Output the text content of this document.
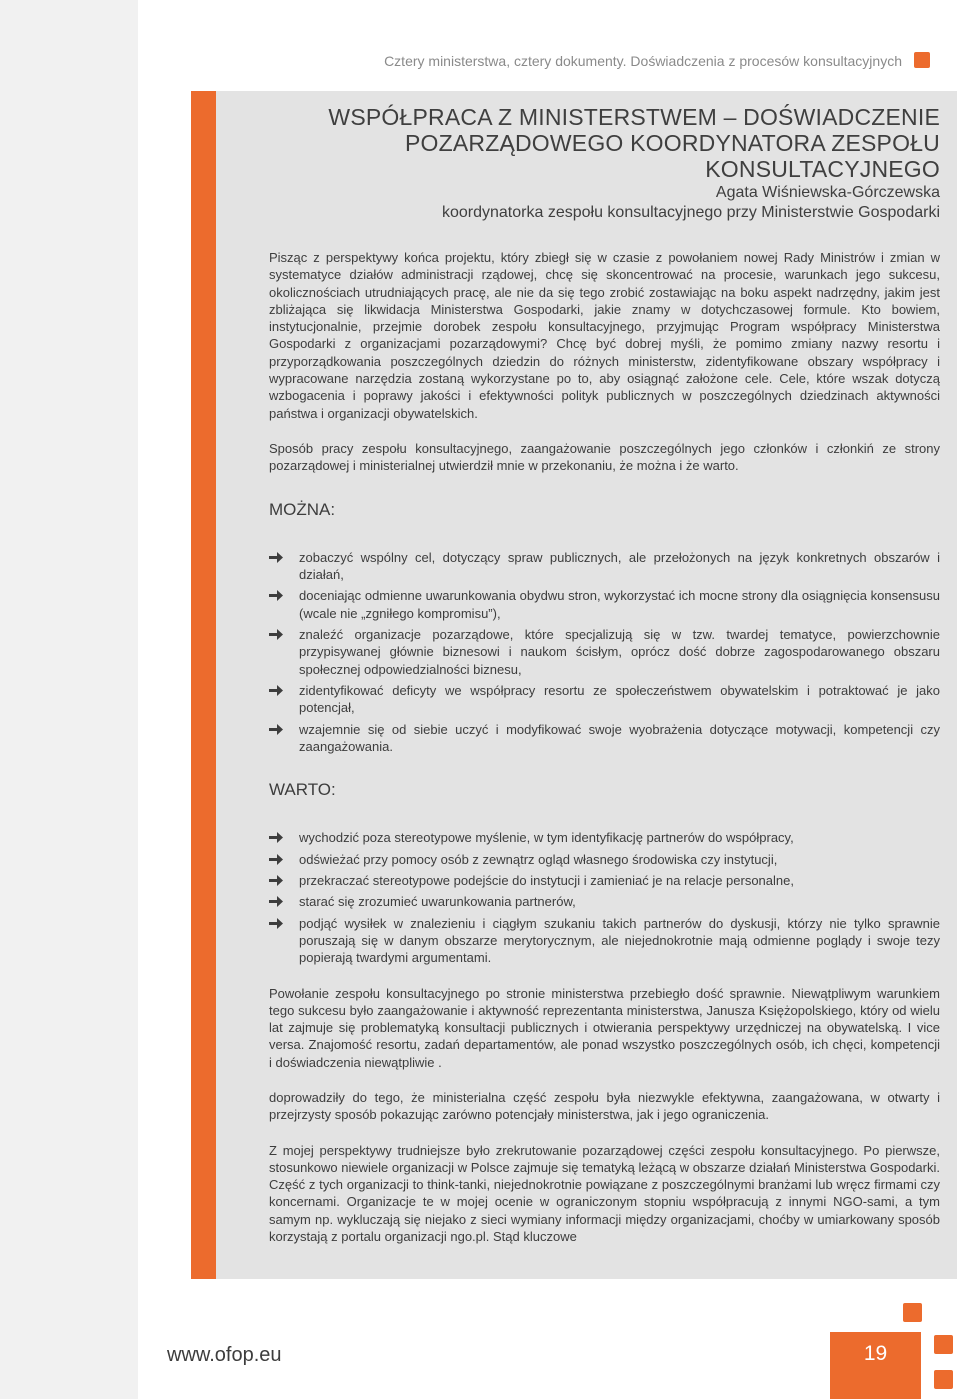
Cztery ministerstwa, cztery dokumenty. Doświadczenia z procesów konsultacyjnych
WSPÓŁPRACA Z MINISTERSTWEM – DOŚWIADCZENIE
POZARZĄDOWEGO KOORDYNATORA ZESPOŁU
KONSULTACYJNEGO
Agata Wiśniewska-Górczewska
koordynatorka zespołu konsultacyjnego przy Ministerstwie Gospodarki

Pisząc z perspektywy końca projektu, który zbiegł się w czasie z powołaniem nowej Rady Ministrów i zmian w systematyce działów administracji rządowej, chcę się skoncentrować na procesie, warunkach jego sukcesu, okolicznościach utrudniających pracę, ale nie da się tego zrobić zostawiając na boku aspekt nadrzędny, jakim jest zbliżająca się likwidacja Ministerstwa Gospodarki, jakie znamy w dotychczasowej formule. Kto bowiem, instytucjonalnie, przejmie dorobek zespołu konsultacyjnego, przyjmując Program współpracy Ministerstwa Gospodarki z organizacjami pozarządowymi? Chcę być dobrej myśli, że pomimo zmiany nazwy resortu i przyporządkowania poszczególnych dziedzin do różnych ministerstw, zidentyfikowane obszary współpracy i wypracowane narzędzia zostaną wykorzystane po to, aby osiągnąć założone cele. Cele, które wszak dotyczą wzbogacenia i poprawy jakości i efektywności polityk publicznych w poszczególnych dziedzinach aktywności państwa i organizacji obywatelskich.

Sposób pracy zespołu konsultacyjnego, zaangażowanie poszczególnych jego członków i członkiń ze strony pozarządowej i ministerialnej utwierdził mnie w przekonaniu, że można i że warto.

MOŻNA:
zobaczyć wspólny cel, dotyczący spraw publicznych, ale przełożonych na język konkretnych obszarów i działań,
doceniając odmienne uwarunkowania obydwu stron, wykorzystać ich mocne strony dla osiągnięcia konsensusu (wcale nie „zgniłego kompromisu”),
znaleźć organizacje pozarządowe, które specjalizują się w tzw. twardej tematyce, powierzchownie przypisywanej głównie biznesowi i naukom ścisłym, oprócz dość dobrze zagospodarowanego obszaru społecznej odpowiedzialności biznesu,
zidentyfikować deficyty we współpracy resortu ze społeczeństwem obywatelskim i potraktować je jako potencjał,
wzajemnie się od siebie uczyć i modyfikować swoje wyobrażenia dotyczące motywacji, kompetencji czy zaangażowania.
WARTO:
wychodzić poza stereotypowe myślenie, w tym identyfikację partnerów do współpracy,
odświeżać przy pomocy osób z zewnątrz ogląd własnego środowiska czy instytucji,
przekraczać stereotypowe podejście do instytucji i zamieniać je na relacje personalne,
starać się zrozumieć uwarunkowania partnerów,
podjąć wysiłek w znalezieniu i ciągłym szukaniu takich partnerów do dyskusji, którzy nie tylko sprawnie poruszają się w danym obszarze merytorycznym, ale niejednokrotnie mają odmienne poglądy i swoje tezy popierają twardymi argumentami.

Powołanie zespołu konsultacyjnego po stronie ministerstwa przebiegło dość sprawnie. Niewątpliwym warunkiem tego sukcesu było zaangażowanie i aktywność reprezentanta ministerstwa, Janusza Księżopolskiego, który od wielu lat zajmuje się problematyką konsultacji publicznych i otwierania perspektywy urzędniczej na obywatelską. I vice versa. Znajomość resortu, zadań departamentów, ale ponad wszystko poszczególnych osób, ich chęci, kompetencji i doświadczenia niewątpliwie .

doprowadziły do tego, że ministerialna część zespołu była niezwykle efektywna, zaangażowana, w otwarty i przejrzysty sposób pokazując zarówno potencjały ministerstwa, jak i jego ograniczenia.

Z mojej perspektywy trudniejsze było zrekrutowanie pozarządowej części zespołu konsultacyjnego. Po pierwsze, stosunkowo niewiele organizacji w Polsce zajmuje się tematyką leżącą w obszarze działań Ministerstwa Gospodarki. Część z tych organizacji to think-tanki, niejednokrotnie powiązane z poszczególnymi branżami lub wręcz firmami czy koncernami. Organizacje te w mojej ocenie w ograniczonym stopniu współpracują z innymi NGO-sami, a tym samym np. wykluczają się niejako z sieci wymiany informacji między organizacjami, choćby w umiarkowany sposób korzystają z portalu organizacji ngo.pl. Stąd kluczowe

19
www.ofop.eu
